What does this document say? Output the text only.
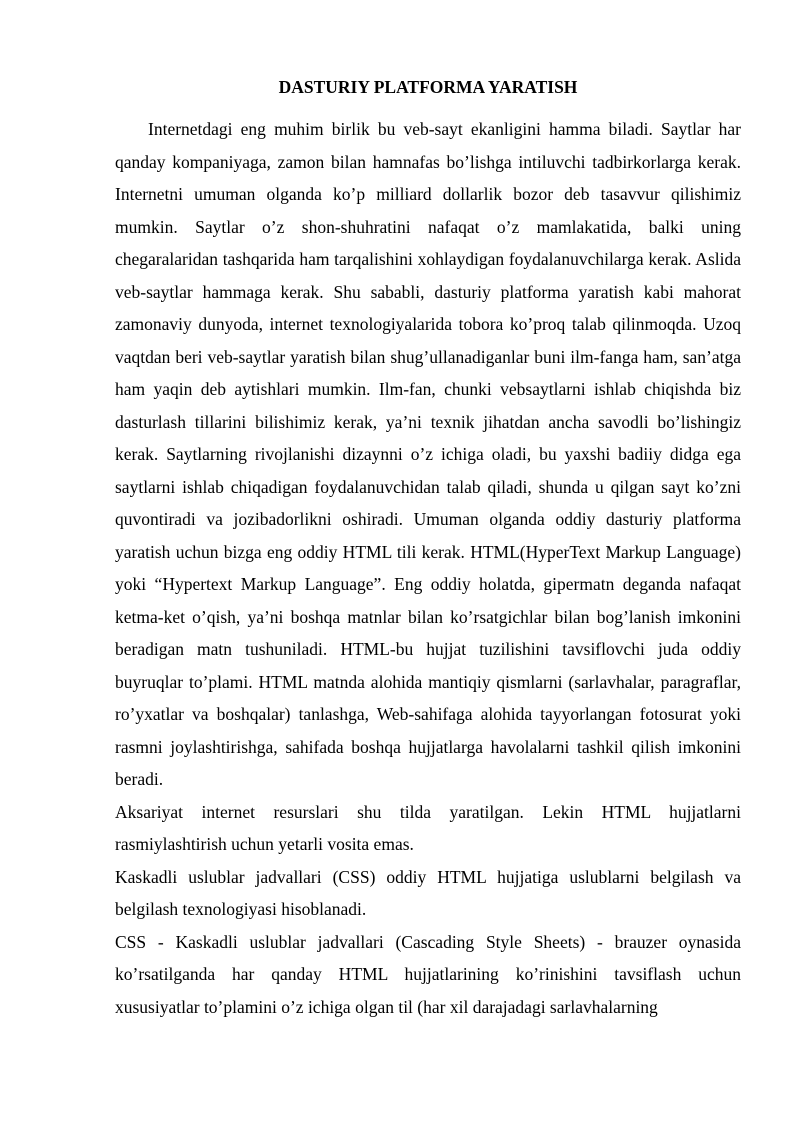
DASTURIY PLATFORMA YARATISH

Internetdagi eng muhim birlik bu veb-sayt ekanligini hamma biladi. Saytlar har qanday kompaniyaga, zamon bilan hamnafas bo’lishga intiluvchi tadbirkorlarga kerak. Internetni umuman olganda ko’p milliard dollarlik bozor deb tasavvur qilishimiz mumkin. Saytlar o’z shon-shuhratini nafaqat o’z mamlakatida, balki uning chegaralaridan tashqarida ham tarqalishini xohlaydigan foydalanuvchilarga kerak. Aslida veb-saytlar hammaga kerak. Shu sababli, dasturiy platforma yaratish kabi mahorat zamonaviy dunyoda, internet texnologiyalarida tobora ko’proq talab qilinmoqda. Uzoq vaqtdan beri veb-saytlar yaratish bilan shug’ullanadiganlar buni ilm-fanga ham, san’atga ham yaqin deb aytishlari mumkin. Ilm-fan, chunki vebsaytlarni ishlab chiqishda biz dasturlash tillarini bilishimiz kerak, ya’ni texnik jihatdan ancha savodli bo’lishingiz kerak. Saytlarning rivojlanishi dizaynni o’z ichiga oladi, bu yaxshi badiiy didga ega saytlarni ishlab chiqadigan foydalanuvchidan talab qiladi, shunda u qilgan sayt ko’zni quvontiradi va jozibadorlikni oshiradi. Umuman olganda oddiy dasturiy platforma yaratish uchun bizga eng oddiy HTML tili kerak. HTML(HyperText Markup Language) yoki “Hypertext Markup Language”. Eng oddiy holatda, gipermatn deganda nafaqat ketma-ket o’qish, ya’ni boshqa matnlar bilan ko’rsatgichlar bilan bog’lanish imkonini beradigan matn tushuniladi. HTML-bu hujjat tuzilishini tavsiflovchi juda oddiy buyruqlar to’plami. HTML matnda alohida mantiqiy qismlarni (sarlavhalar, paragraflar, ro’yxatlar va boshqalar) tanlashga, Web-sahifaga alohida tayyorlangan fotosurat yoki rasmni joylashtirishga, sahifada boshqa hujjatlarga havolalarni tashkil qilish imkonini beradi.

Aksariyat internet resurslari shu tilda yaratilgan. Lekin HTML hujjatlarni rasmiylashtirish uchun yetarli vosita emas.

Kaskadli uslublar jadvallari (CSS) oddiy HTML hujjatiga uslublarni belgilash va belgilash texnologiyasi hisoblanadi.

CSS - Kaskadli uslublar jadvallari (Cascading Style Sheets) - brauzer oynasida ko’rsatilganda har qanday HTML hujjatlarining ko’rinishini tavsiflash uchun xususiyatlar to’plamini o’z ichiga olgan til (har xil darajadagi sarlavhalarning
